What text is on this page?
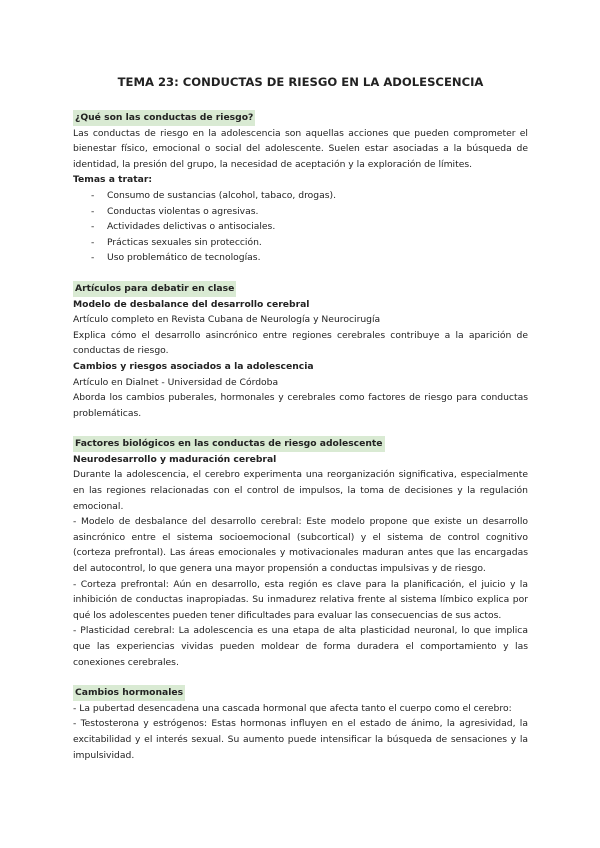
TEMA 23: CONDUCTAS DE RIESGO EN LA ADOLESCENCIA
¿Qué son las conductas de riesgo?

Las conductas de riesgo en la adolescencia son aquellas acciones que pueden comprometer el bienestar físico, emocional o social del adolescente. Suelen estar asociadas a la búsqueda de identidad, la presión del grupo, la necesidad de aceptación y la exploración de límites.

Temas a tratar:
- Consumo de sustancias (alcohol, tabaco, drogas).
- Conductas violentas o agresivas.
- Actividades delictivas o antisociales.
- Prácticas sexuales sin protección.
- Uso problemático de tecnologías.
Artículos para debatir en clase
Modelo de desbalance del desarrollo cerebral
Artículo completo en Revista Cubana de Neurología y Neurocirugía

Explica cómo el desarrollo asincrónico entre regiones cerebrales contribuye a la aparición de conductas de riesgo.

Cambios y riesgos asociados a la adolescencia
Artículo en Dialnet - Universidad de Córdoba

Aborda los cambios puberales, hormonales y cerebrales como factores de riesgo para conductas problemáticas.

Factores biológicos en las conductas de riesgo adolescente
Neurodesarrollo y maduración cerebral

Durante la adolescencia, el cerebro experimenta una reorganización significativa, especialmente en las regiones relacionadas con el control de impulsos, la toma de decisiones y la regulación emocional.

- Modelo de desbalance del desarrollo cerebral: Este modelo propone que existe un desarrollo asincrónico entre el sistema socioemocional (subcortical) y el sistema de control cognitivo (corteza prefrontal). Las áreas emocionales y motivacionales maduran antes que las encargadas del autocontrol, lo que genera una mayor propensión a conductas impulsivas y de riesgo.

- Corteza prefrontal: Aún en desarrollo, esta región es clave para la planificación, el juicio y la inhibición de conductas inapropiadas. Su inmadurez relativa frente al sistema límbico explica por qué los adolescentes pueden tener dificultades para evaluar las consecuencias de sus actos.

- Plasticidad cerebral: La adolescencia es una etapa de alta plasticidad neuronal, lo que implica que las experiencias vividas pueden moldear de forma duradera el comportamiento y las conexiones cerebrales.

Cambios hormonales

- La pubertad desencadena una cascada hormonal que afecta tanto el cuerpo como el cerebro:

- Testosterona y estrógenos: Estas hormonas influyen en el estado de ánimo, la agresividad, la excitabilidad y el interés sexual. Su aumento puede intensificar la búsqueda de sensaciones y la impulsividad.
